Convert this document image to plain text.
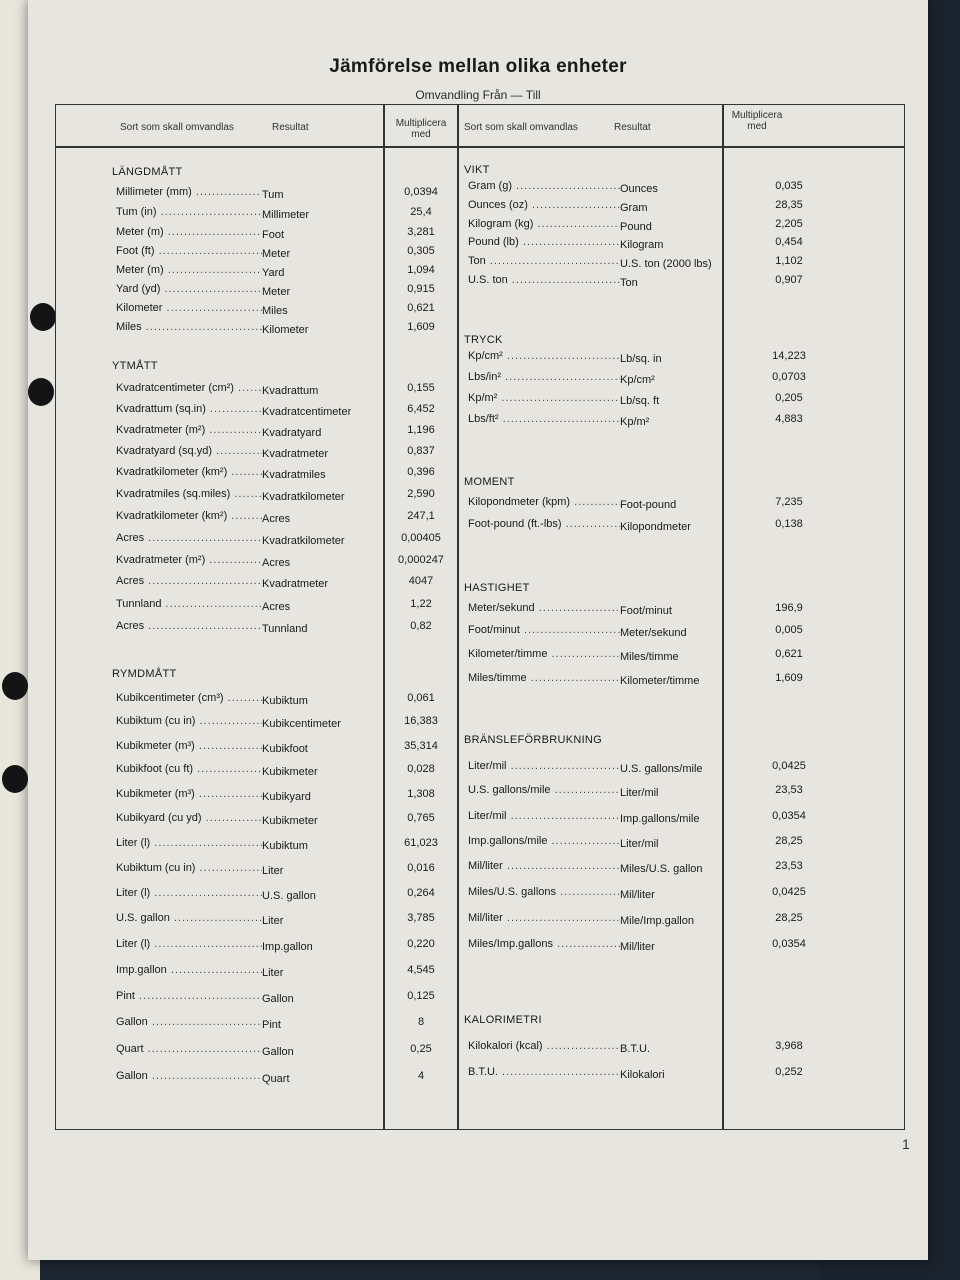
Jämförelse mellan olika enheter
Omvandling Från — Till
Sort som skall omvandlas	Resultat	Multiplicera med
Sort som skall omvandlas	Resultat
Multiplicera med
LÄNGDMÅTT
Millimeter (mm) .....	Tum	0,0394
Tum (in) .....	Millimeter	25,4
Meter (m) .....	Foot	3,281
Foot (ft) .....	Meter	0,305
Meter (m) .....	Yard	1,094
Yard (yd) .....	Meter	0,915
Kilometer .....	Miles	0,621
Miles .....	Kilometer	1,609
YTMÅTT
Kvadratcentimeter (cm²) .....	Kvadrattum	0,155
Kvadrattum (sq.in) .....	Kvadratcentimeter	6,452
Kvadratmeter (m²) .....	Kvadratyard	1,196
Kvadratyard (sq.yd) .....	Kvadratmeter	0,837
Kvadratkilometer (km²) .....	Kvadratmiles	0,396
Kvadratmiles (sq.miles) .....	Kvadratkilometer	2,590
Kvadratkilometer (km²) .....	Acres	247,1
Acres .....	Kvadratkilometer	0,00405
Kvadratmeter (m²) .....	Acres	0,000247
Acres .....	Kvadratmeter	4047
Tunnland .....	Acres	1,22
Acres .....	Tunnland	0,82
RYMDMÅTT
Kubikcentimeter (cm³) .....	Kubiktum	0,061
Kubiktum (cu in) .....	Kubikcentimeter	16,383
Kubikmeter (m³) .....	Kubikfoot	35,314
Kubikfoot (cu ft) .....	Kubikmeter	0,028
Kubikmeter (m³) .....	Kubikyard	1,308
Kubikyard (cu yd) .....	Kubikmeter	0,765
Liter (l) .....	Kubiktum	61,023
Kubiktum (cu in) .....	Liter	0,016
Liter (l) .....	U.S. gallon	0,264
U.S. gallon .....	Liter	3,785
Liter (l) .....	Imp.gallon	0,220
Imp.gallon .....	Liter	4,545
Pint .....	Gallon	0,125
Gallon .....	Pint	8
Quart .....	Gallon	0,25
Gallon .....	Quart	4
VIKT
Gram (g) .....	Ounces	0,035
Ounces (oz) .....	Gram	28,35
Kilogram (kg) .....	Pound	2,205
Pound (lb) .....	Kilogram	0,454
Ton .....	U.S. ton (2000 lbs)	1,102
U.S. ton .....	Ton	0,907
TRYCK
Kp/cm² .....	Lb/sq. in	14,223
Lbs/in² .....	Kp/cm²	0,0703
Kp/m² .....	Lb/sq. ft	0,205
Lbs/ft² .....	Kp/m²	4,883
MOMENT
Kilopondmeter (kpm) .....	Foot-pound	7,235
Foot-pound (ft.-lbs) .....	Kilopondmeter	0,138
HASTIGHET
Meter/sekund .....	Foot/minut	196,9
Foot/minut .....	Meter/sekund	0,005
Kilometer/timme .....	Miles/timme	0,621
Miles/timme .....	Kilometer/timme	1,609
BRÄNSLEFÖRBRUKNING
Liter/mil .....	U.S. gallons/mile	0,0425
U.S. gallons/mile .....	Liter/mil	23,53
Liter/mil .....	Imp.gallons/mile	0,0354
Imp.gallons/mile .....	Liter/mil	28,25
Mil/liter .....	Miles/U.S. gallon	23,53
Miles/U.S. gallons .....	Mil/liter	0,0425
Mil/liter .....	Mile/Imp.gallon	28,25
Miles/Imp.gallons .....	Mil/liter	0,0354
KALORIMETRI
Kilokalori (kcal) .....	B.T.U.	3,968
B.T.U. .....	Kilokalori	0,252
1
